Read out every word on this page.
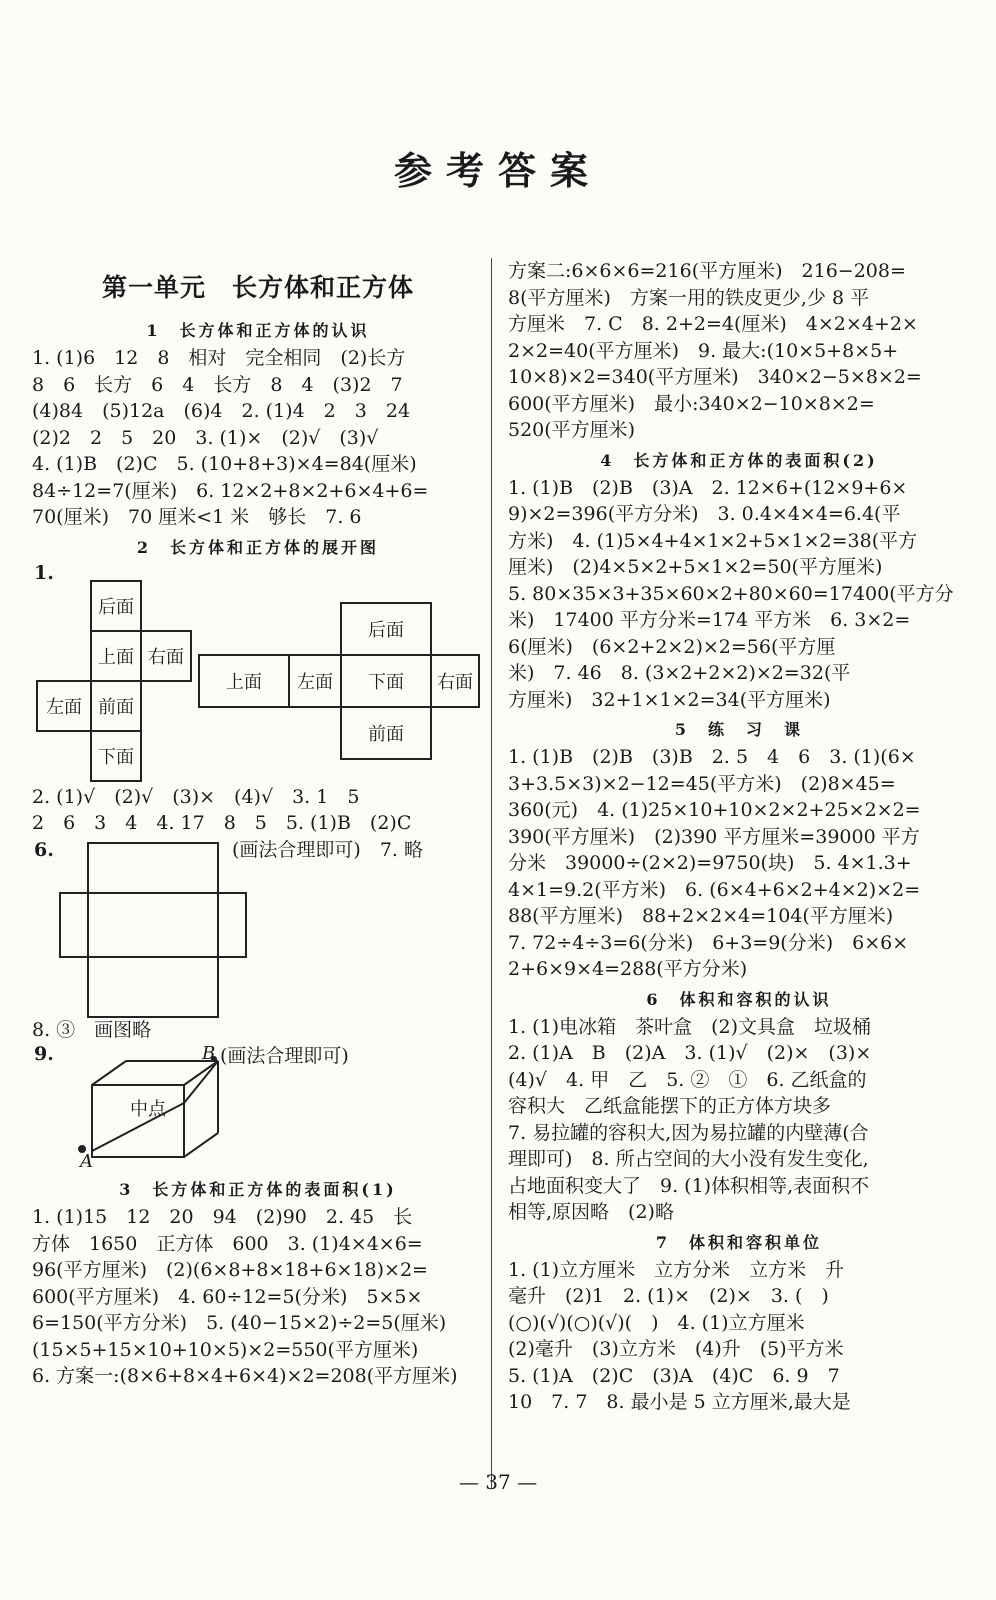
参考答案
第一单元　长方体和正方体
1　长方体和正方体的认识
1. (1)6　12　8　相对　完全相同　(2)长方
8　6　长方　6　4　长方　8　4　(3)2　7
(4)84　(5)12a　(6)4　2. (1)4　2　3　24
(2)2　2　5　20　3. (1)×　(2)√　(3)√
4. (1)B　(2)C　5. (10+8+3)×4=84(厘米)
84÷12=7(厘米)　6. 12×2+8×2+6×4+6=
70(厘米)　70 厘米<1 米　够长　7. 6
2　长方体和正方体的展开图
1.
后面
上面 右面
左面 前面
下面
后面
上面	左面	下面	右面
前面
2. (1)√　(2)√　(3)×　(4)√　3. 1　5
2　6　3　4　4. 17　8　5　5. (1)B　(2)C
6.	(画法合理即可)　7. 略
8. ③　画图略
9.
中点
B
A
(画法合理即可)
3　长方体和正方体的表面积(1)
1. (1)15　12　20　94　(2)90　2. 45　长
方体　1650　正方体　600　3. (1)4×4×6=
96(平方厘米)　(2)(6×8+8×18+6×18)×2=
600(平方厘米)　4. 60÷12=5(分米)　5×5×
6=150(平方分米)　5. (40−15×2)÷2=5(厘米)
(15×5+15×10+10×5)×2=550(平方厘米)
6. 方案一:(8×6+8×4+6×4)×2=208(平方厘米)
方案二:6×6×6=216(平方厘米)　216−208=
8(平方厘米)　方案一用的铁皮更少,少 8 平
方厘米　7. C　8. 2+2=4(厘米)　4×2×4+2×
2×2=40(平方厘米)　9. 最大:(10×5+8×5+
10×8)×2=340(平方厘米)　340×2−5×8×2=
600(平方厘米)　最小:340×2−10×8×2=
520(平方厘米)
4　长方体和正方体的表面积(2)
1. (1)B　(2)B　(3)A　2. 12×6+(12×9+6×
9)×2=396(平方分米)　3. 0.4×4×4=6.4(平
方米)　4. (1)5×4+4×1×2+5×1×2=38(平方
厘米)　(2)4×5×2+5×1×2=50(平方厘米)
5. 80×35×3+35×60×2+80×60=17400(平方分
米)　17400 平方分米=174 平方米　6. 3×2=
6(厘米)　(6×2+2×2)×2=56(平方厘
米)　7. 46　8. (3×2+2×2)×2=32(平
方厘米)　32+1×1×2=34(平方厘米)
5　练　习　课
1. (1)B　(2)B　(3)B　2. 5　4　6　3. (1)(6×
3+3.5×3)×2−12=45(平方米)　(2)8×45=
360(元)　4. (1)25×10+10×2×2+25×2×2=
390(平方厘米)　(2)390 平方厘米=39000 平方
分米　39000÷(2×2)=9750(块)　5. 4×1.3+
4×1=9.2(平方米)　6. (6×4+6×2+4×2)×2=
88(平方厘米)　88+2×2×4=104(平方厘米)
7. 72÷4÷3=6(分米)　6+3=9(分米)　6×6×
2+6×9×4=288(平方分米)
6　体积和容积的认识
1. (1)电冰箱　茶叶盒　(2)文具盒　垃圾桶
2. (1)A　B　(2)A　3. (1)√　(2)×　(3)×
(4)√　4. 甲　乙　5. ②　①　6. 乙纸盒的
容积大　乙纸盒能摆下的正方体方块多
7. 易拉罐的容积大,因为易拉罐的内壁薄(合
理即可)　8. 所占空间的大小没有发生变化,
占地面积变大了　9. (1)体积相等,表面积不
相等,原因略　(2)略
7　体积和容积单位
1. (1)立方厘米　立方分米　立方米　升
毫升　(2)1　2. (1)×　(2)×　3. (　)
(○)(√)(○)(√)(　)　4. (1)立方厘米
(2)毫升　(3)立方米　(4)升　(5)平方米
5. (1)A　(2)C　(3)A　(4)C　6. 9　7
10　7. 7　8. 最小是 5 立方厘米,最大是
— 37 —
